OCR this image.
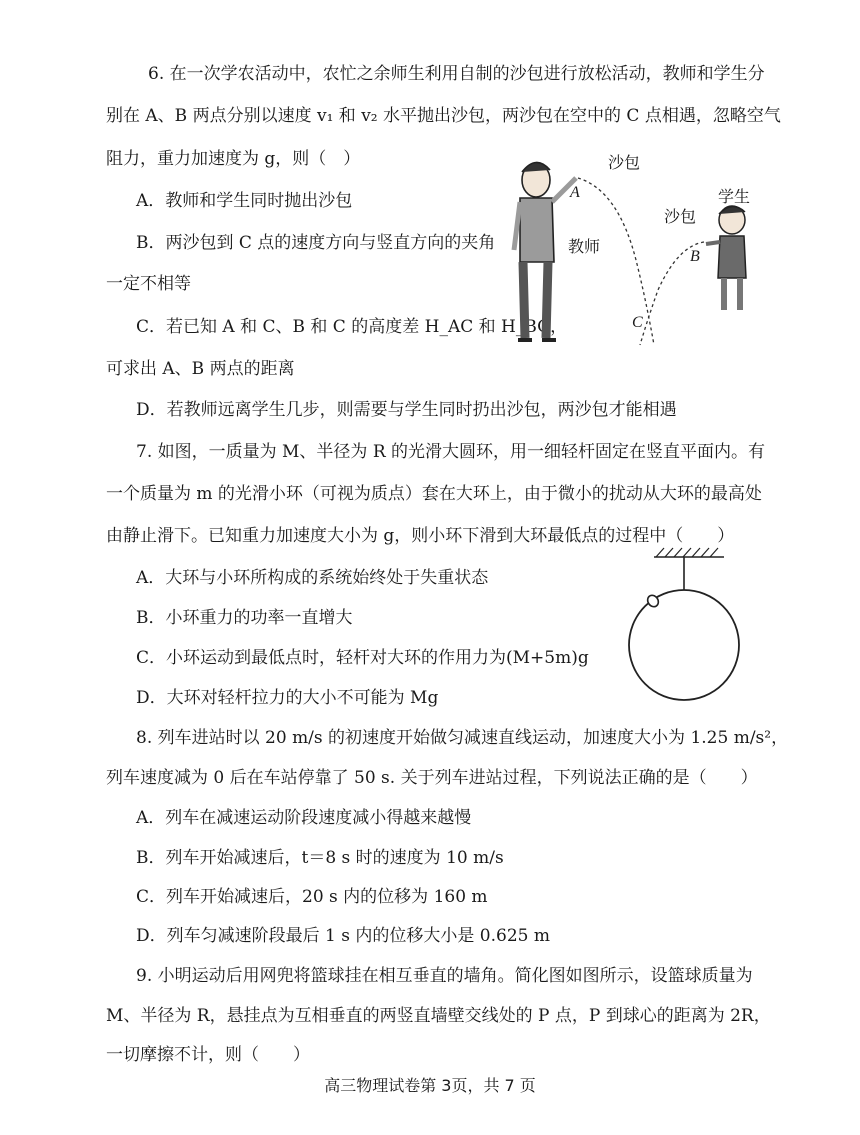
6. 在一次学农活动中，农忙之余师生利用自制的沙包进行放松活动，教师和学生分
别在 A、B 两点分别以速度 v₁ 和 v₂ 水平抛出沙包，两沙包在空中的 C 点相遇，忽略空气
阻力，重力加速度为 g，则（　）
A．教师和学生同时抛出沙包
B．两沙包到 C 点的速度方向与竖直方向的夹角
一定不相等
C．若已知 A 和 C、B 和 C 的高度差 H_AC 和 H_BC，
可求出 A、B 两点的距离
D．若教师远离学生几步，则需要与学生同时扔出沙包，两沙包才能相遇
沙包
教师
学生
沙包
A
B
C
7. 如图，一质量为 M、半径为 R 的光滑大圆环，用一细轻杆固定在竖直平面内。有
一个质量为 m 的光滑小环（可视为质点）套在大环上，由于微小的扰动从大环的最高处
由静止滑下。已知重力加速度大小为 g，则小环下滑到大环最低点的过程中（　　）
A．大环与小环所构成的系统始终处于失重状态
B．小环重力的功率一直增大
C．小环运动到最低点时，轻杆对大环的作用力为(M+5m)g
D．大环对轻杆拉力的大小不可能为 Mg
8. 列车进站时以 20 m/s 的初速度开始做匀减速直线运动，加速度大小为 1.25 m/s²，
列车速度减为 0 后在车站停靠了 50 s. 关于列车进站过程，下列说法正确的是（　　）
A．列车在减速运动阶段速度减小得越来越慢
B．列车开始减速后，t＝8 s 时的速度为 10 m/s
C．列车开始减速后，20 s 内的位移为 160 m
D．列车匀减速阶段最后 1 s 内的位移大小是 0.625 m
9. 小明运动后用网兜将篮球挂在相互垂直的墙角。简化图如图所示，设篮球质量为
M、半径为 R，悬挂点为互相垂直的两竖直墙壁交线处的 P 点，P 到球心的距离为 2R，
一切摩擦不计，则（　　）
高三物理试卷第 3页，共 7 页
